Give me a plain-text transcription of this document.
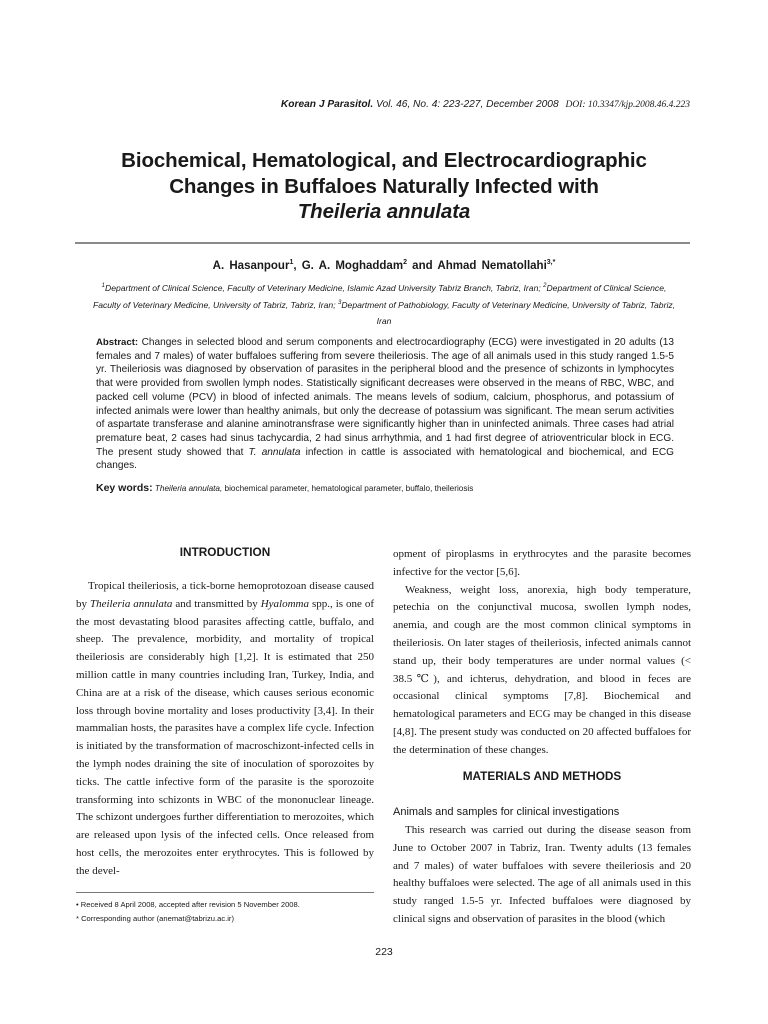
Korean J Parasitol. Vol. 46, No. 4: 223-227, December 2008 DOI: 10.3347/kjp.2008.46.4.223
Biochemical, Hematological, and Electrocardiographic
Changes in Buffaloes Naturally Infected with
Theileria annulata
A. Hasanpour$^1$, G. A. Moghaddam$^2$ and Ahmad Nematollahi$^{3,*}$
$^1$Department of Clinical Science, Faculty of Veterinary Medicine, Islamic Azad University Tabriz Branch, Tabriz, Iran; $^2$Department of Clinical Science, Faculty of Veterinary Medicine, University of Tabriz, Tabriz, Iran; $^3$Department of Pathobiology, Faculty of Veterinary Medicine, University of Tabriz, Tabriz, Iran
Abstract: Changes in selected blood and serum components and electrocardiography (ECG) were investigated in 20 adults (13 females and 7 males) of water buffaloes suffering from severe theileriosis. The age of all animals used in this study ranged 1.5-5 yr. Theileriosis was diagnosed by observation of parasites in the peripheral blood and the presence of schizonts in lymphocytes that were provided from swollen lymph nodes. Statistically significant decreases were observed in the means of RBC, WBC, and packed cell volume (PCV) in blood of infected animals. The means levels of sodium, calcium, phosphorus, and potassium of infected animals were lower than healthy animals, but only the decrease of potassium was significant. The mean serum activities of aspartate transferase and alanine aminotransfrase were significantly higher than in uninfected animals. Three cases had atrial premature beat, 2 cases had sinus tachycardia, 2 had sinus arrhythmia, and 1 had first degree of atrioventricular block in ECG. The present study showed that T. annulata infection in cattle is associated with hematological and biochemical, and ECG changes.
Key words: Theileria annulata, biochemical parameter, hematological parameter, buffalo, theileriosis
INTRODUCTION

Tropical theileriosis, a tick-borne hemoprotozoan disease caused by Theileria annulata and transmitted by Hyalomma spp., is one of the most devastating blood parasites affecting cattle, buffalo, and sheep. The prevalence, morbidity, and mortality of tropical theileriosis are considerably high [1,2]. It is estimated that 250 million cattle in many countries including Iran, Turkey, India, and China are at a risk of the disease, which causes serious economic loss through bovine mortality and loses productivity [3,4]. In their mammalian hosts, the parasites have a complex life cycle. Infection is initiated by the transformation of macroschizont-infected cells in the lymph nodes draining the site of inoculation of sporozoites by ticks. The cattle infective form of the parasite is the sporozoite transforming into schizonts in WBC of the mononuclear lineage. The schizont undergoes further differentiation to merozoites, which are released upon lysis of the infected cells. Once released from host cells, the merozoites enter erythrocytes. This is followed by the devel-

opment of piroplasms in erythrocytes and the parasite becomes infective for the vector [5,6].

Weakness, weight loss, anorexia, high body temperature, petechia on the conjunctival mucosa, swollen lymph nodes, anemia, and cough are the most common clinical symptoms in theileriosis. On later stages of theileriosis, infected animals cannot stand up, their body temperatures are under normal values (< 38.5℃), and ichterus, dehydration, and blood in feces are occasional clinical symptoms [7,8]. Biochemical and hematological parameters and ECG may be changed in this disease [4,8]. The present study was conducted on 20 affected buffaloes for the determination of these changes.

MATERIALS AND METHODS
Animals and samples for clinical investigations

This research was carried out during the disease season from June to October 2007 in Tabriz, Iran. Twenty adults (13 females and 7 males) of water buffaloes with severe theileriosis and 20 healthy buffaloes were selected. The age of all animals used in this study ranged 1.5-5 yr. Infected buffaloes were diagnosed by clinical signs and observation of parasites in the blood (which

• Received 8 April 2008, accepted after revision 5 November 2008.
* Corresponding author (anemat@tabrizu.ac.ir)
223
